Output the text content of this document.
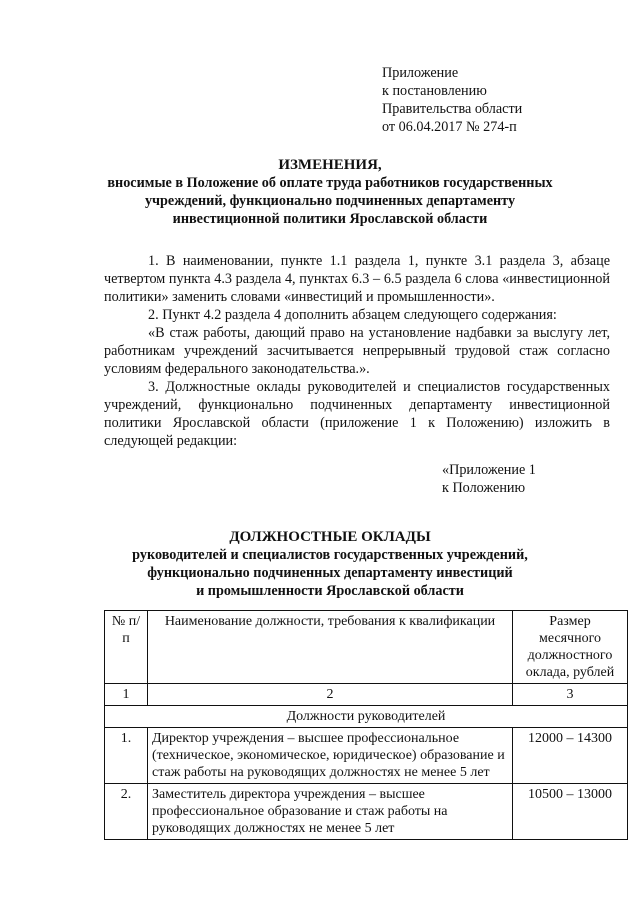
Приложение
к постановлению
Правительства области
от 06.04.2017 № 274-п
ИЗМЕНЕНИЯ,
вносимые в Положение об оплате труда работников государственных
учреждений, функционально подчиненных департаменту
инвестиционной политики Ярославской области

1. В наименовании, пункте 1.1 раздела 1, пункте 3.1 раздела 3, абзаце четвертом пункта 4.3 раздела 4, пунктах 6.3 – 6.5 раздела 6 слова «инвестиционной политики» заменить словами «инвестиций и промышленности».

2. Пункт 4.2 раздела 4 дополнить абзацем следующего содержания:

«В стаж работы, дающий право на установление надбавки за выслугу лет, работникам учреждений засчитывается непрерывный трудовой стаж согласно условиям федерального законодательства.».

3. Должностные оклады руководителей и специалистов государственных учреждений, функционально подчиненных департаменту инвестиционной политики Ярославской области (приложение 1 к Положению) изложить в следующей редакции:

«Приложение 1
к Положению
ДОЛЖНОСТНЫЕ ОКЛАДЫ
руководителей и специалистов государственных учреждений,
функционально подчиненных департаменту инвестиций
и промышленности Ярославской области
№ п/п	Наименование должности, требования к квалификации	Размер месячного должностного оклада, рублей
1	2	3
Должности руководителей		
1.	Директор учреждения – высшее профессиональное (техническое, экономическое, юридическое) образование и стаж работы на руководящих должностях не менее 5 лет	12000 – 14300
2.	Заместитель директора учреждения – высшее профессиональное образование и стаж работы на руководящих должностях не менее 5 лет	10500 – 13000
